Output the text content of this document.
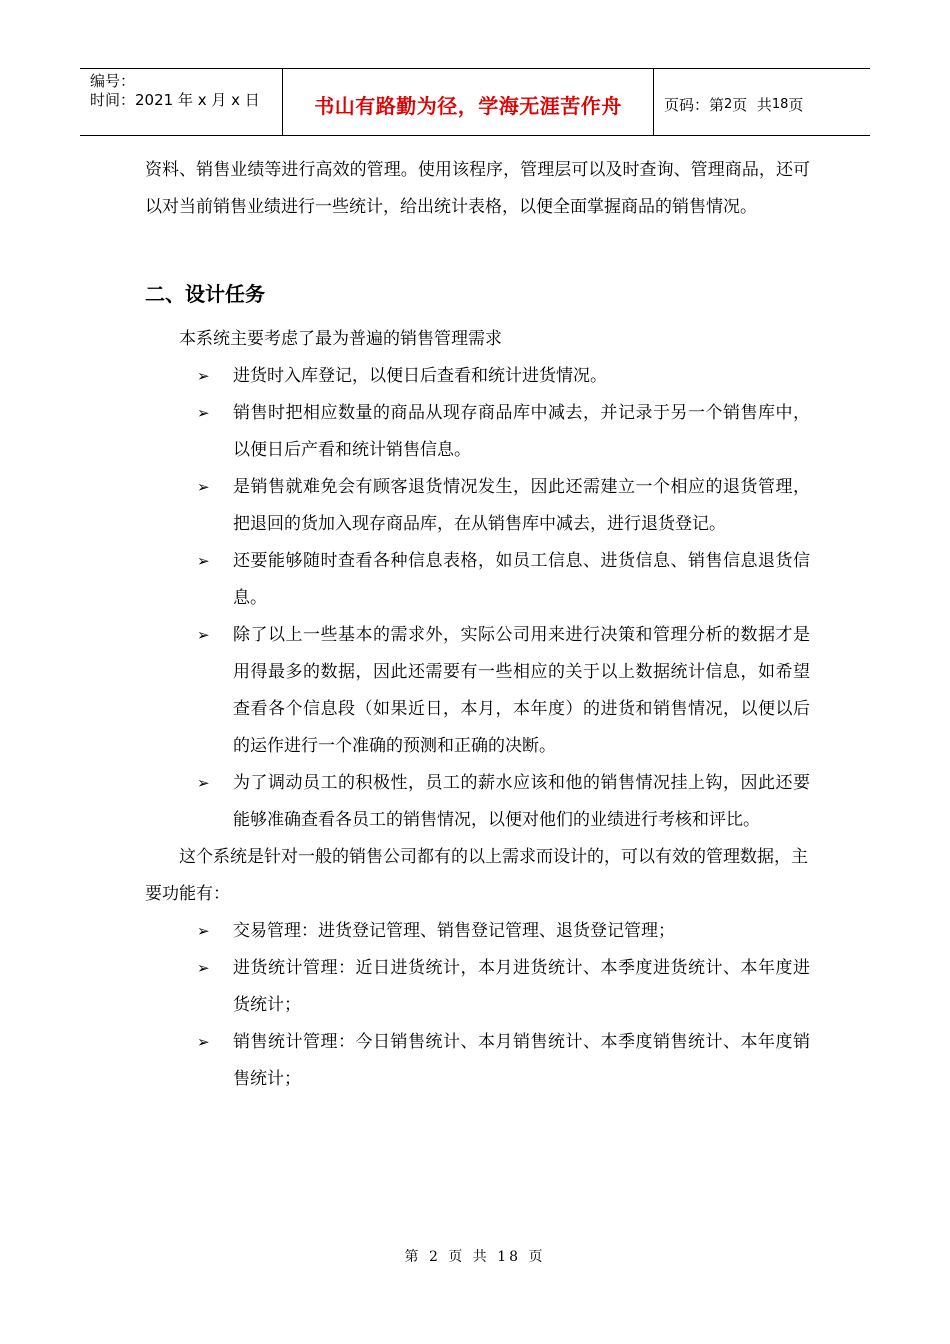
编号：
时间：2021 年 x 月 x 日	书山有路勤为径，学海无涯苦作舟	页码：第 2 页  共 18 页

资料、销售业绩等进行高效的管理。使用该程序，管理层可以及时查询、管理商品，还可以对当前销售业绩进行一些统计，给出统计表格，以便全面掌握商品的销售情况。

二、设计任务

本系统主要考虑了最为普遍的销售管理需求

➢ 进货时入库登记，以便日后查看和统计进货情况。
➢ 销售时把相应数量的商品从现存商品库中减去，并记录于另一个销售库中，以便日后产看和统计销售信息。
➢ 是销售就难免会有顾客退货情况发生，因此还需建立一个相应的退货管理，把退回的货加入现存商品库，在从销售库中减去，进行退货登记。
➢ 还要能够随时查看各种信息表格，如员工信息、进货信息、销售信息退货信息。
➢ 除了以上一些基本的需求外，实际公司用来进行决策和管理分析的数据才是用得最多的数据，因此还需要有一些相应的关于以上数据统计信息，如希望查看各个信息段（如果近日，本月，本年度）的进货和销售情况，以便以后的运作进行一个准确的预测和正确的决断。
➢ 为了调动员工的积极性，员工的薪水应该和他的销售情况挂上钩，因此还要能够准确查看各员工的销售情况，以便对他们的业绩进行考核和评比。

这个系统是针对一般的销售公司都有的以上需求而设计的，可以有效的管理数据，主要功能有：

➢ 交易管理：进货登记管理、销售登记管理、退货登记管理；
➢ 进货统计管理：近日进货统计，本月进货统计、本季度进货统计、本年度进货统计；
➢ 销售统计管理：今日销售统计、本月销售统计、本季度销售统计、本年度销售统计；
第 2 页 共 18 页
